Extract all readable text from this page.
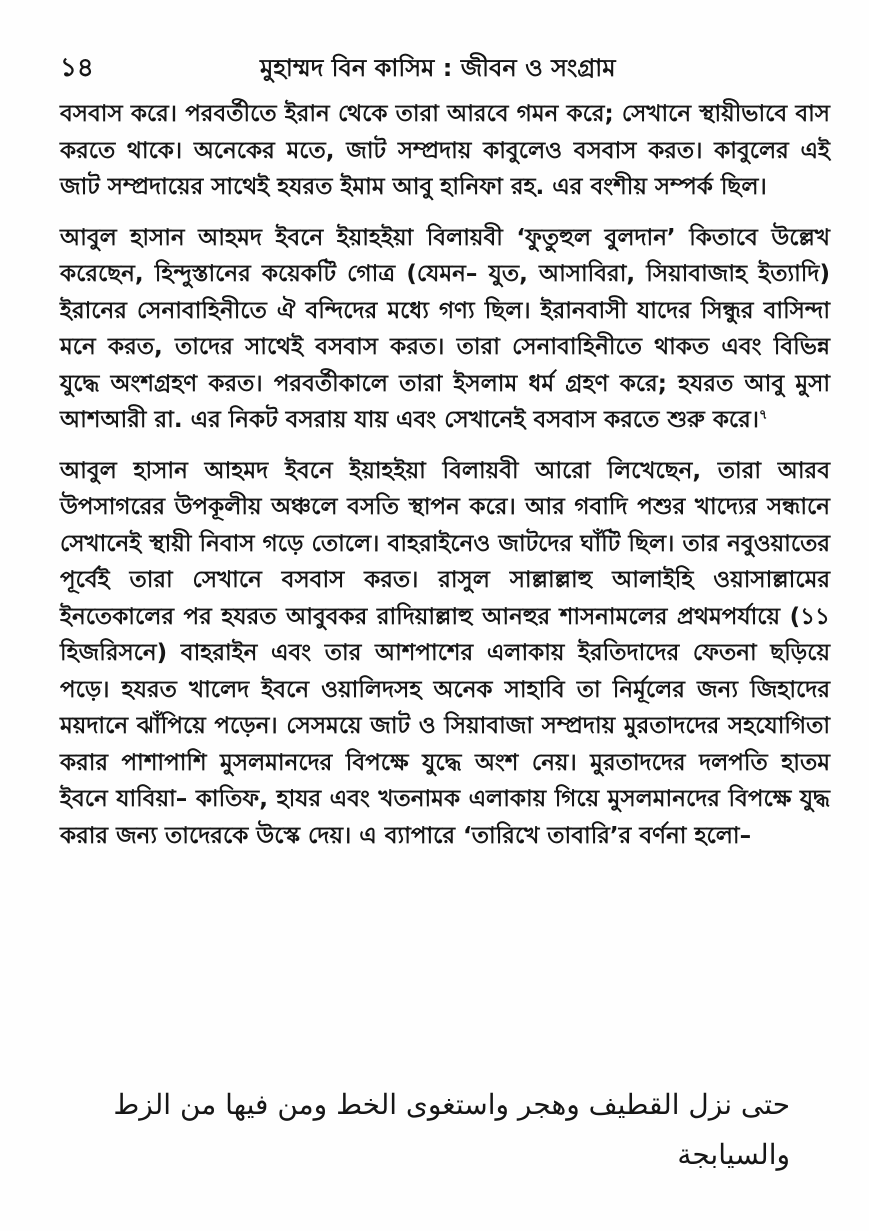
১৪	মুহাম্মদ বিন কাসিম : জীবন ও সংগ্রাম

বসবাস করে। পরবর্তীতে ইরান থেকে তারা আরবে গমন করে; সেখানে স্থায়ীভাবে বাস করতে থাকে। অনেকের মতে, জাট সম্প্রদায় কাবুলেও বসবাস করত। কাবুলের এই জাট সম্প্রদায়ের সাথেই হযরত ইমাম আবু হানিফা রহ. এর বংশীয় সম্পর্ক ছিল।

আবুল হাসান আহমদ ইবনে ইয়াহইয়া বিলায়বী ‘ফুতুহুল বুলদান’ কিতাবে উল্লেখ করেছেন, হিন্দুস্তানের কয়েকটি গোত্র (যেমন– যুত, আসাবিরা, সিয়াবাজাহ ইত্যাদি) ইরানের সেনাবাহিনীতে ঐ বন্দিদের মধ্যে গণ্য ছিল। ইরানবাসী যাদের সিন্ধুর বাসিন্দা মনে করত, তাদের সাথেই বসবাস করত। তারা সেনাবাহিনীতে থাকত এবং বিভিন্ন যুদ্ধে অংশগ্রহণ করত। পরবর্তীকালে তারা ইসলাম ধর্ম গ্রহণ করে; হযরত আবু মুসা আশআরী রা. এর নিকট বসরায় যায় এবং সেখানেই বসবাস করতে শুরু করে।$^৭$

আবুল হাসান আহমদ ইবনে ইয়াহইয়া বিলায়বী আরো লিখেছেন, তারা আরব উপসাগরের উপকূলীয় অঞ্চলে বসতি স্থাপন করে। আর গবাদি পশুর খাদ্যের সন্ধানে সেখানেই স্থায়ী নিবাস গড়ে তোলে। বাহরাইনেও জাটদের ঘাঁটি ছিল। তার নবুওয়াতের পূর্বেই তারা সেখানে বসবাস করত। রাসুল সাল্লাল্লাহু আলাইহি ওয়াসাল্লামের ইনতেকালের পর হযরত আবুবকর রাদিয়াল্লাহু আনহুর শাসনামলের প্রথমপর্যায়ে (১১ হিজরিসনে) বাহরাইন এবং তার আশপাশের এলাকায় ইরতিদাদের ফেতনা ছড়িয়ে পড়ে। হযরত খালেদ ইবনে ওয়ালিদসহ অনেক সাহাবি তা নির্মূলের জন্য জিহাদের ময়দানে ঝাঁপিয়ে পড়েন। সেসময়ে জাট ও সিয়াবাজা সম্প্রদায় মুরতাদদের সহযোগিতা করার পাশাপাশি মুসলমানদের বিপক্ষে যুদ্ধে অংশ নেয়। মুরতাদদের দলপতি হাতম ইবনে যাবিয়া– কাতিফ, হাযর এবং খতনামক এলাকায় গিয়ে মুসলমানদের বিপক্ষে যুদ্ধ করার জন্য তাদেরকে উস্কে দেয়। এ ব্যাপারে ‘তারিখে তাবারি’র বর্ণনা হলো–

حتى نزل القطيف وهجر واستغوى الخط ومن فيها من الزط
والسيابجة
